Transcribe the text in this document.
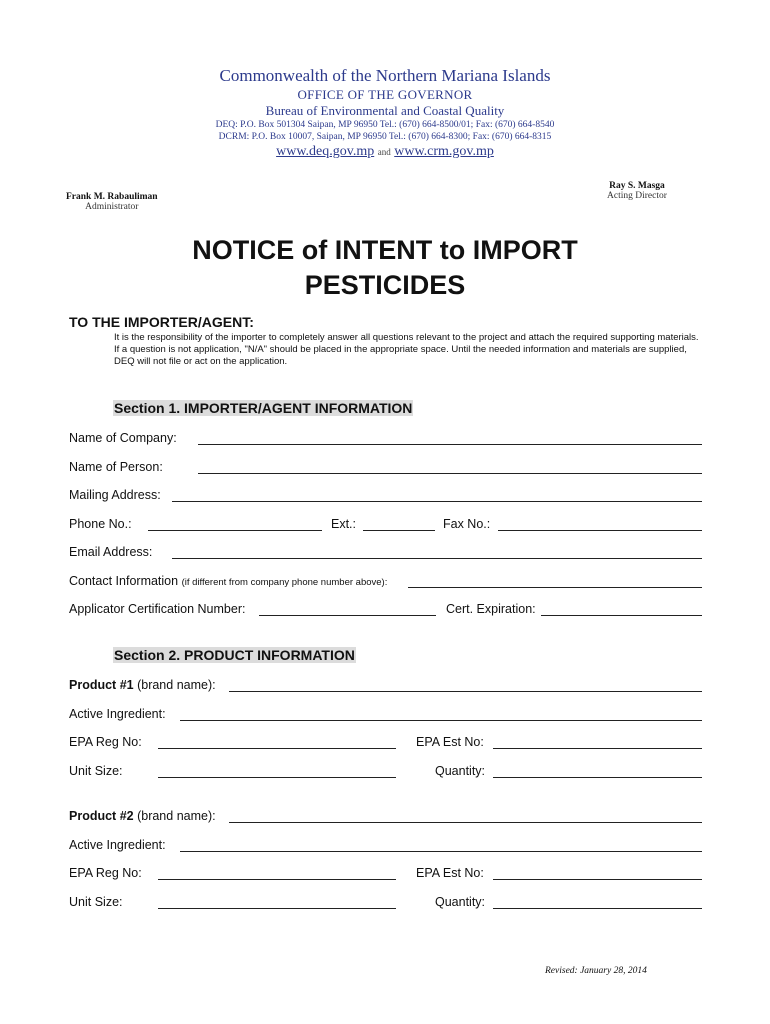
Commonwealth of the Northern Mariana Islands
OFFICE OF THE GOVERNOR
Bureau of Environmental and Coastal Quality
DEQ: P.O. Box 501304 Saipan, MP 96950 Tel.: (670) 664-8500/01; Fax: (670) 664-8540
DCRM: P.O. Box 10007, Saipan, MP 96950 Tel.: (670) 664-8300; Fax: (670) 664-8315
www.deq.gov.mp and www.crm.gov.mp
Frank M. Rabauliman
Administrator
Ray S. Masga
Acting Director
NOTICE of INTENT to IMPORT
PESTICIDES
TO THE IMPORTER/AGENT:
It is the responsibility of the importer to completely answer all questions relevant to the project and attach the required supporting materials. If a question is not application, "N/A" should be placed in the appropriate space. Until the needed information and materials are supplied, DEQ will not file or act on the application.
Section 1. IMPORTER/AGENT INFORMATION
Name of Company:
Name of Person:
Mailing Address:
Phone No.:	Ext.:	Fax No.:
Email Address:
Contact Information (if different from company phone number above):
Applicator Certification Number:	Cert. Expiration:
Section 2. PRODUCT INFORMATION
Product #1 (brand name):
Active Ingredient:
EPA Reg No:	EPA Est No:
Unit Size:	Quantity:
Product #2 (brand name):
Active Ingredient:
EPA Reg No:	EPA Est No:
Unit Size:	Quantity:
Revised: January 28, 2014
